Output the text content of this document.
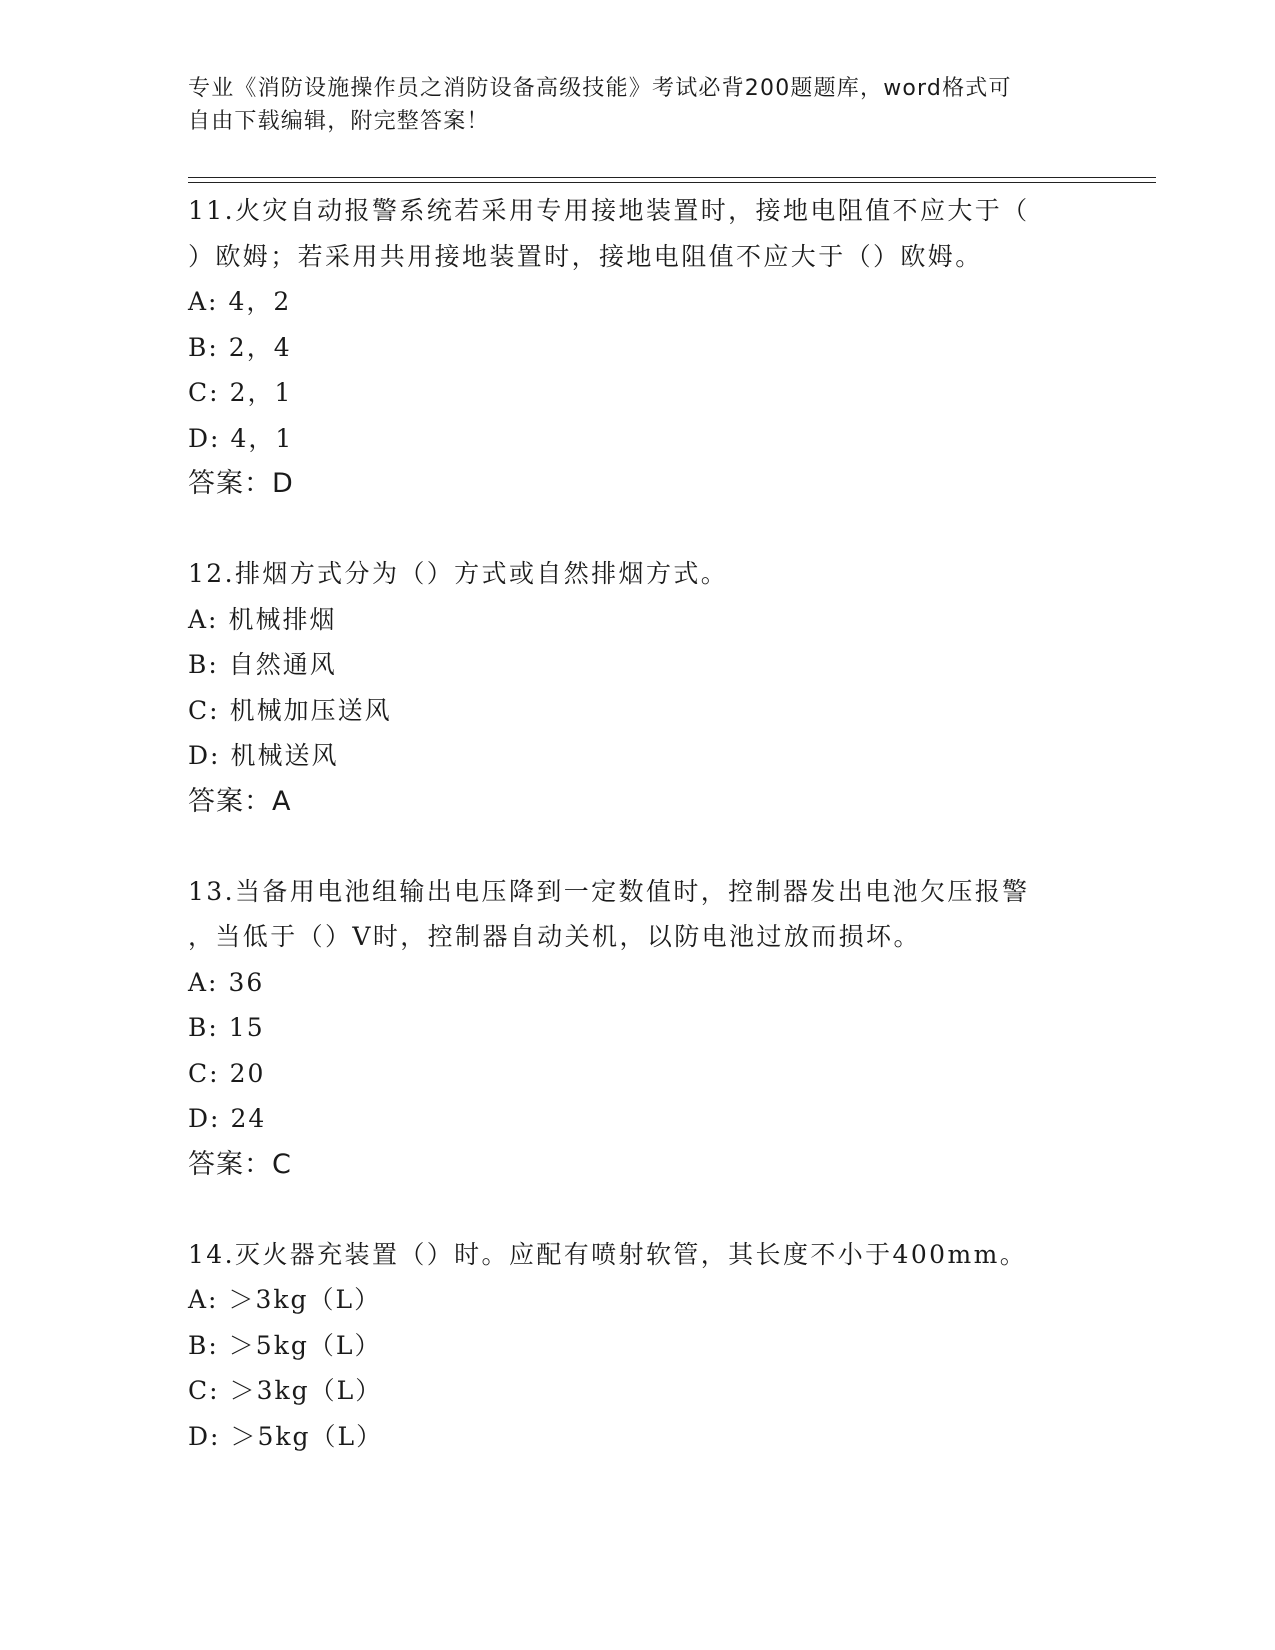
专业《消防设施操作员之消防设备高级技能》考试必背200题题库，word格式可
自由下载编辑，附完整答案！
11.火灾自动报警系统若采用专用接地装置时，接地电阻值不应大于（
）欧姆；若采用共用接地装置时，接地电阻值不应大于（）欧姆。
A: 4，2
B: 2，4
C: 2，1
D: 4，1
答案：D
12.排烟方式分为（）方式或自然排烟方式。
A: 机械排烟
B: 自然通风
C: 机械加压送风
D: 机械送风
答案：A
13.当备用电池组输出电压降到一定数值时，控制器发出电池欠压报警
，当低于（）V时，控制器自动关机，以防电池过放而损坏。
A: 36
B: 15
C: 20
D: 24
答案：C
14.灭火器充装置（）时。应配有喷射软管，其长度不小于400mm。
A: ＞3kg（L）
B: ＞5kg（L）
C: ＞3kg（L）
D: ＞5kg（L）
